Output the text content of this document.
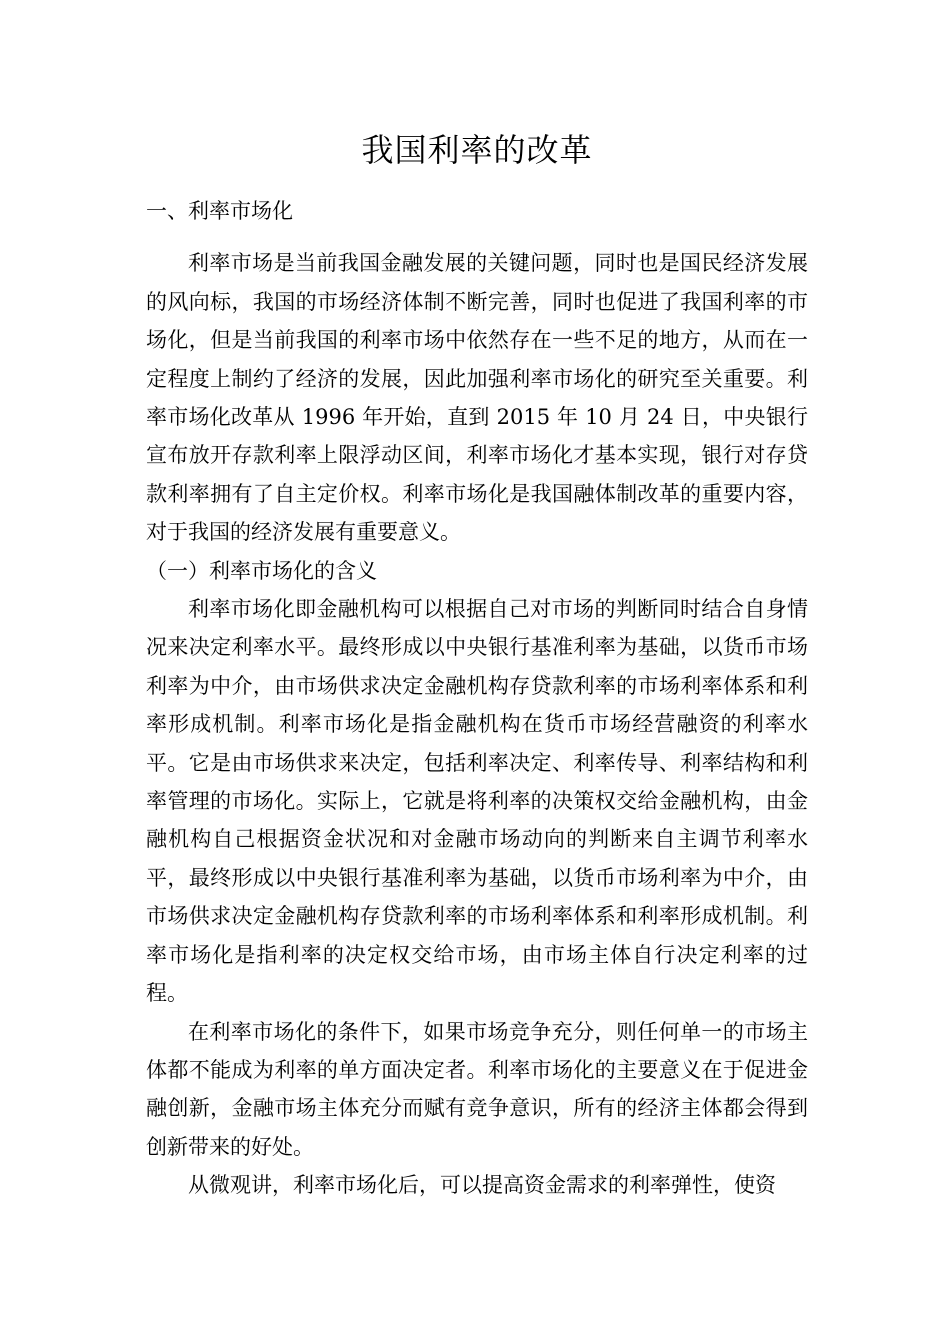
我国利率的改革
一、利率市场化

利率市场是当前我国金融发展的关键问题，同时也是国民经济发展的风向标，我国的市场经济体制不断完善，同时也促进了我国利率的市场化，但是当前我国的利率市场中依然存在一些不足的地方，从而在一定程度上制约了经济的发展，因此加强利率市场化的研究至关重要。利率市场化改革从 1996 年开始，直到 2015 年 10 月 24 日，中央银行宣布放开存款利率上限浮动区间，利率市场化才基本实现，银行对存贷款利率拥有了自主定价权。利率市场化是我国融体制改革的重要内容，对于我国的经济发展有重要意义。

（一）利率市场化的含义

利率市场化即金融机构可以根据自己对市场的判断同时结合自身情况来决定利率水平。最终形成以中央银行基准利率为基础，以货币市场利率为中介，由市场供求决定金融机构存贷款利率的市场利率体系和利率形成机制。利率市场化是指金融机构在货币市场经营融资的利率水平。它是由市场供求来决定，包括利率决定、利率传导、利率结构和利率管理的市场化。实际上，它就是将利率的决策权交给金融机构，由金融机构自己根据资金状况和对金融市场动向的判断来自主调节利率水平，最终形成以中央银行基准利率为基础，以货币市场利率为中介，由市场供求决定金融机构存贷款利率的市场利率体系和利率形成机制。利率市场化是指利率的决定权交给市场，由市场主体自行决定利率的过程。

在利率市场化的条件下，如果市场竞争充分，则任何单一的市场主体都不能成为利率的单方面决定者。利率市场化的主要意义在于促进金融创新，金融市场主体充分而赋有竞争意识，所有的经济主体都会得到创新带来的好处。

从微观讲，利率市场化后，可以提高资金需求的利率弹性，使资
